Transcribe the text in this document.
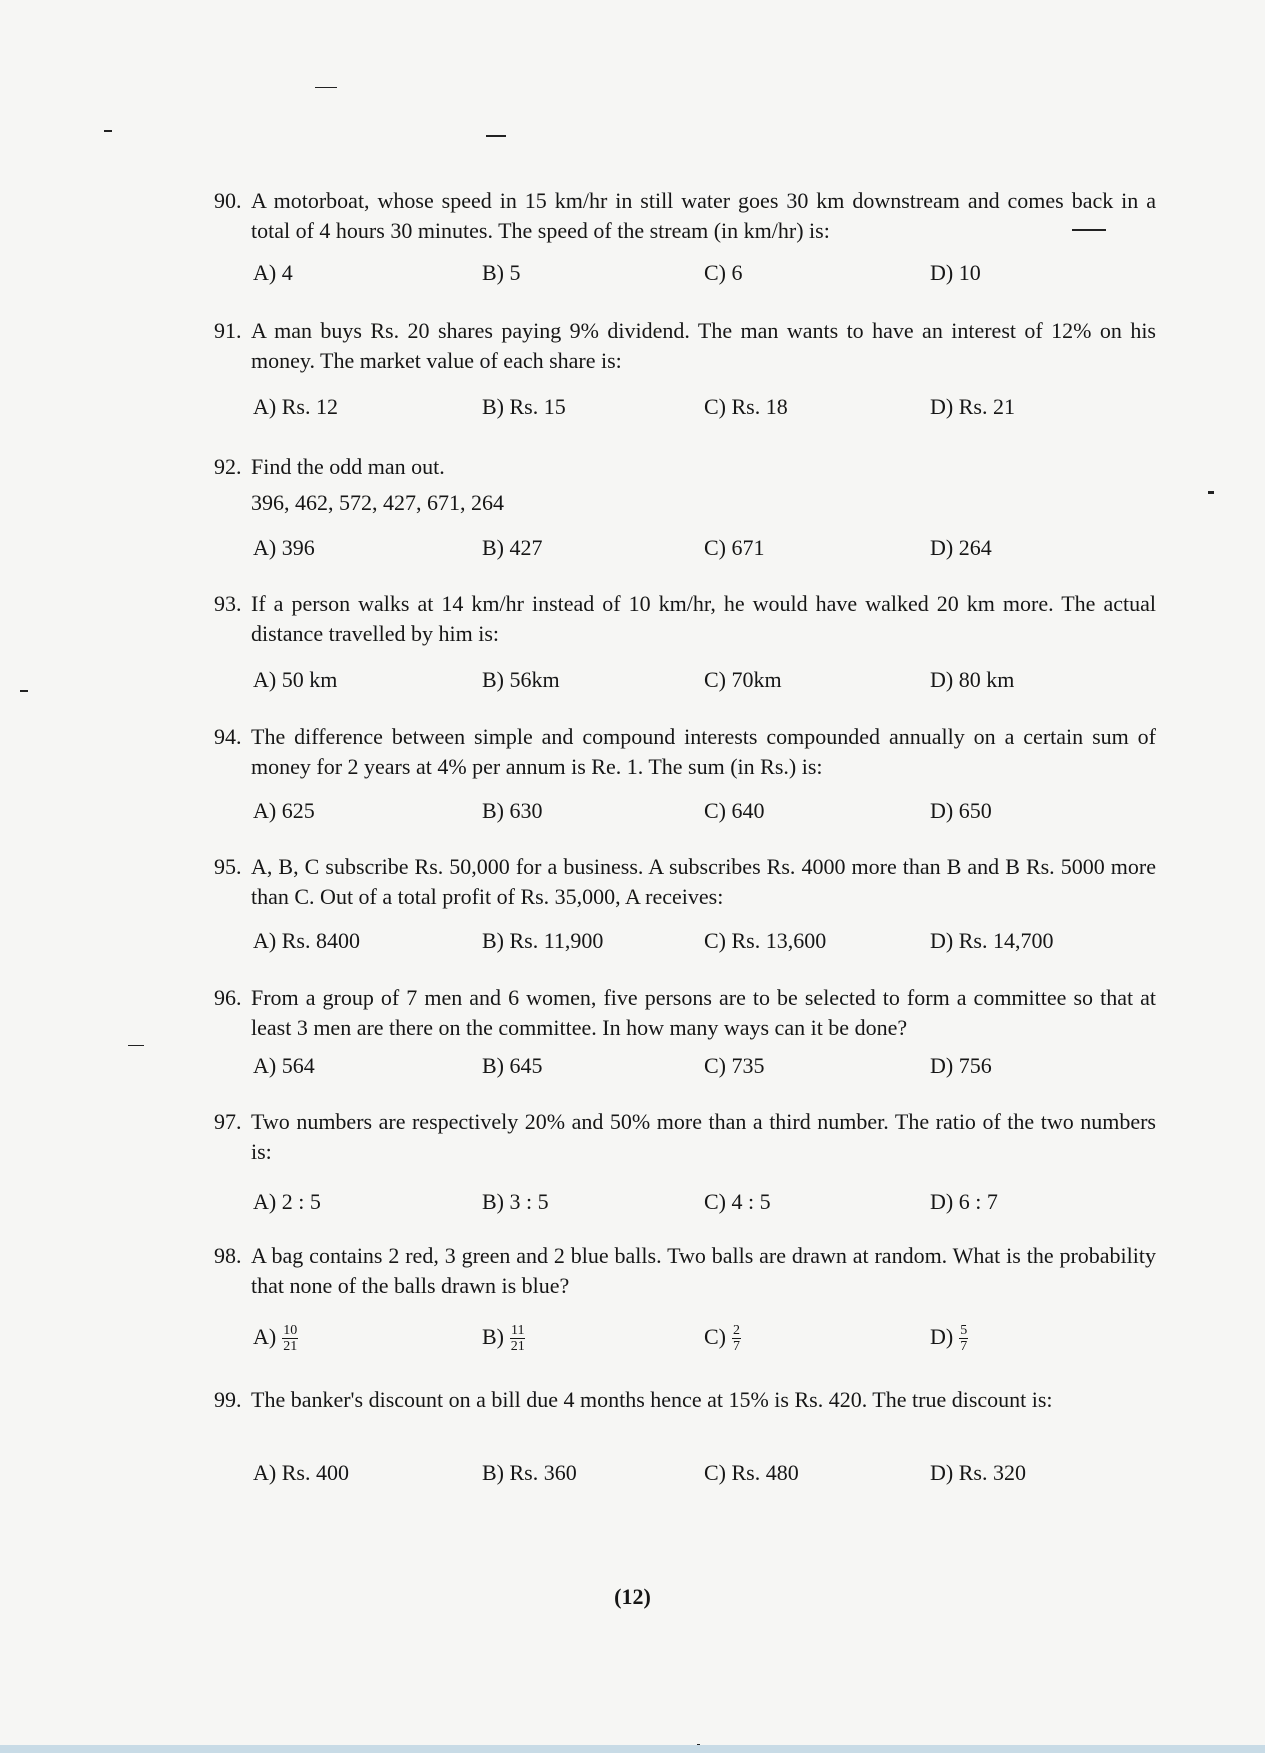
90. A motorboat, whose speed in 15 km/hr in still water goes 30 km downstream and comes back in a total of 4 hours 30 minutes. The speed of the stream (in km/hr) is:
A) 4	B) 5	C) 6	D) 10
91. A man buys Rs. 20 shares paying 9% dividend. The man wants to have an interest of 12% on his money. The market value of each share is:
A) Rs. 12	B) Rs. 15	C) Rs. 18	D) Rs. 21
92. Find the odd man out.
396, 462, 572, 427, 671, 264
A) 396	B) 427	C) 671	D) 264
93. If a person walks at 14 km/hr instead of 10 km/hr, he would have walked 20 km more. The actual distance travelled by him is:
A) 50 km	B) 56km	C) 70km	D) 80 km
94. The difference between simple and compound interests compounded annually on a certain sum of money for 2 years at 4% per annum is Re. 1. The sum (in Rs.) is:
A) 625	B) 630	C) 640	D) 650
95. A, B, C subscribe Rs. 50,000 for a business. A subscribes Rs. 4000 more than B and B Rs. 5000 more than C. Out of a total profit of Rs. 35,000, A receives:
A) Rs. 8400	B) Rs. 11,900	C) Rs. 13,600	D) Rs. 14,700
96. From a group of 7 men and 6 women, five persons are to be selected to form a committee so that at least 3 men are there on the committee. In how many ways can it be done?
A) 564	B) 645	C) 735	D) 756
97. Two numbers are respectively 20% and 50% more than a third number. The ratio of the two numbers is:
A) 2 : 5	B) 3 : 5	C) 4 : 5	D) 6 : 7
98. A bag contains 2 red, 3 green and 2 blue balls. Two balls are drawn at random. What is the probability that none of the balls drawn is blue?
$A) \frac{10}{21}$	$B) \frac{11}{21}$	$C) \frac{2}{7}$	$D) \frac{5}{7}$
99. The banker's discount on a bill due 4 months hence at 15% is Rs. 420. The true discount is:
A) Rs. 400	B) Rs. 360	C) Rs. 480	D) Rs. 320
(12)
